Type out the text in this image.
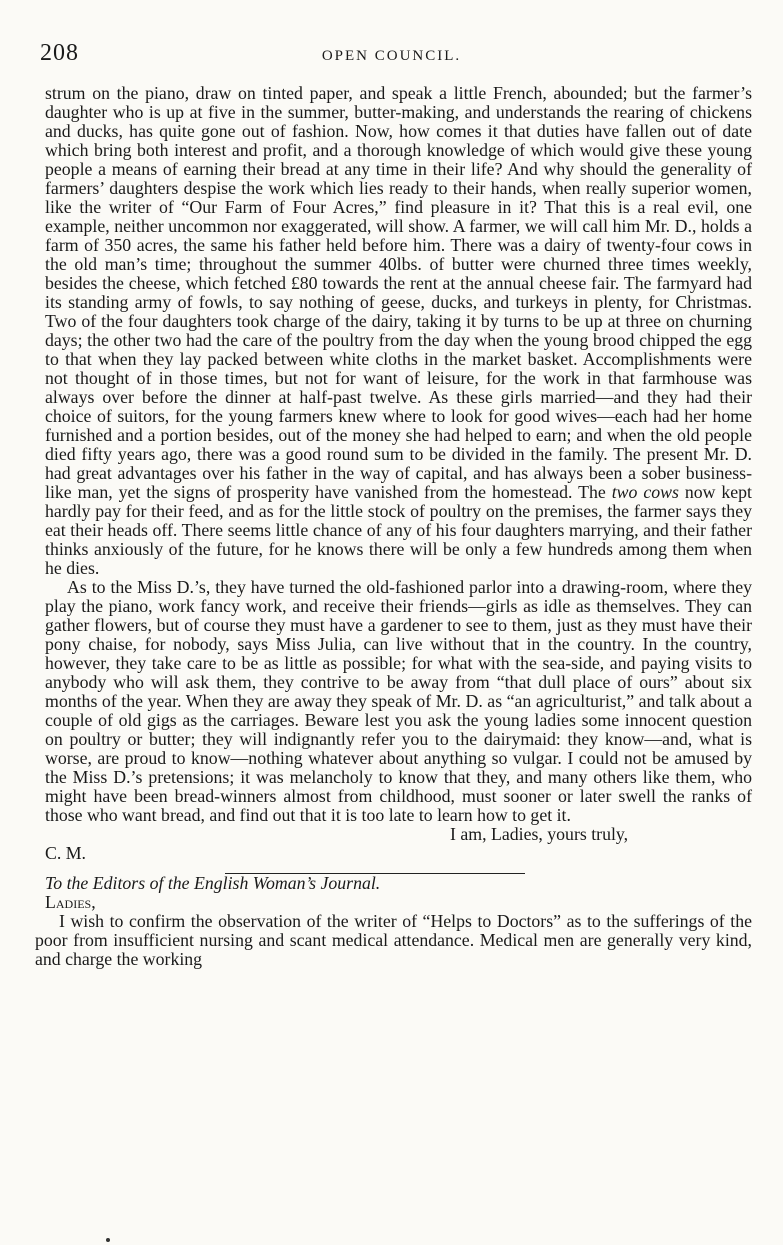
208	OPEN COUNCIL.

strum on the piano, draw on tinted paper, and speak a little French, abounded; but the farmer’s daughter who is up at five in the summer, butter-making, and understands the rearing of chickens and ducks, has quite gone out of fashion. Now, how comes it that duties have fallen out of date which bring both interest and profit, and a thorough knowledge of which would give these young people a means of earning their bread at any time in their life? And why should the generality of farmers’ daughters despise the work which lies ready to their hands, when really superior women, like the writer of “Our Farm of Four Acres,” find pleasure in it? That this is a real evil, one example, neither uncommon nor exaggerated, will show. A farmer, we will call him Mr. D., holds a farm of 350 acres, the same his father held before him. There was a dairy of twenty-four cows in the old man’s time; throughout the summer 40lbs. of butter were churned three times weekly, besides the cheese, which fetched £80 towards the rent at the annual cheese fair. The farmyard had its standing army of fowls, to say nothing of geese, ducks, and turkeys in plenty, for Christmas. Two of the four daughters took charge of the dairy, taking it by turns to be up at three on churning days; the other two had the care of the poultry from the day when the young brood chipped the egg to that when they lay packed between white cloths in the market basket. Accomplishments were not thought of in those times, but not for want of leisure, for the work in that farmhouse was always over before the dinner at half-past twelve. As these girls married—and they had their choice of suitors, for the young farmers knew where to look for good wives—each had her home furnished and a portion besides, out of the money she had helped to earn; and when the old people died fifty years ago, there was a good round sum to be divided in the family. The present Mr. D. had great advantages over his father in the way of capital, and has always been a sober business-like man, yet the signs of prosperity have vanished from the homestead. The two cows now kept hardly pay for their feed, and as for the little stock of poultry on the premises, the farmer says they eat their heads off. There seems little chance of any of his four daughters marrying, and their father thinks anxiously of the future, for he knows there will be only a few hundreds among them when he dies.

As to the Miss D.’s, they have turned the old-fashioned parlor into a drawing-room, where they play the piano, work fancy work, and receive their friends—girls as idle as themselves. They can gather flowers, but of course they must have a gardener to see to them, just as they must have their pony chaise, for nobody, says Miss Julia, can live without that in the country. In the country, however, they take care to be as little as possible; for what with the sea-side, and paying visits to anybody who will ask them, they contrive to be away from “that dull place of ours” about six months of the year. When they are away they speak of Mr. D. as “an agriculturist,” and talk about a couple of old gigs as the carriages. Beware lest you ask the young ladies some innocent question on poultry or butter; they will indignantly refer you to the dairymaid: they know—and, what is worse, are proud to know—nothing whatever about anything so vulgar. I could not be amused by the Miss D.’s pretensions; it was melancholy to know that they, and many others like them, who might have been bread-winners almost from childhood, must sooner or later swell the ranks of those who want bread, and find out that it is too late to learn how to get it.

I am, Ladies, yours truly,

C. M.

To the Editors of the English Woman’s Journal.

Ladies,

I wish to confirm the observation of the writer of “Helps to Doctors” as to the sufferings of the poor from insufficient nursing and scant medical attendance. Medical men are generally very kind, and charge the working
